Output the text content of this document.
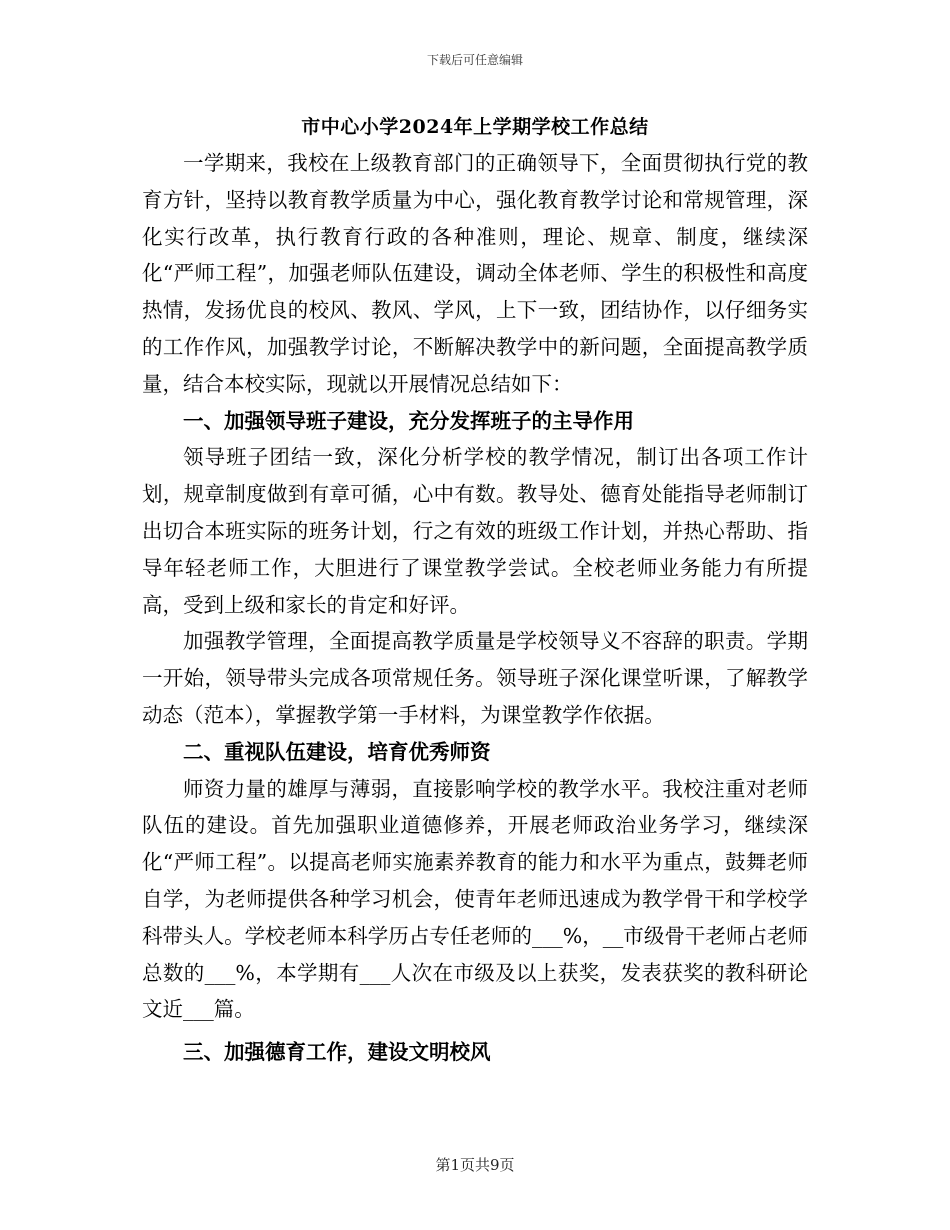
下载后可任意编辑
市中心小学2024年上学期学校工作总结

一学期来，我校在上级教育部门的正确领导下，全面贯彻执行党的教育方针，坚持以教育教学质量为中心，强化教育教学讨论和常规管理，深化实行改革，执行教育行政的各种准则，理论、规章、制度，继续深化“严师工程”，加强老师队伍建设，调动全体老师、学生的积极性和高度热情，发扬优良的校风、教风、学风，上下一致，团结协作，以仔细务实的工作作风，加强教学讨论，不断解决教学中的新问题，全面提高教学质量，结合本校实际，现就以开展情况总结如下：

一、加强领导班子建设，充分发挥班子的主导作用

领导班子团结一致，深化分析学校的教学情况，制订出各项工作计划，规章制度做到有章可循，心中有数。教导处、德育处能指导老师制订出切合本班实际的班务计划，行之有效的班级工作计划，并热心帮助、指导年轻老师工作，大胆进行了课堂教学尝试。全校老师业务能力有所提高，受到上级和家长的肯定和好评。

加强教学管理，全面提高教学质量是学校领导义不容辞的职责。学期一开始，领导带头完成各项常规任务。领导班子深化课堂听课，了解教学动态（范本），掌握教学第一手材料，为课堂教学作依据。

二、重视队伍建设，培育优秀师资

师资力量的雄厚与薄弱，直接影响学校的教学水平。我校注重对老师队伍的建设。首先加强职业道德修养，开展老师政治业务学习，继续深化“严师工程”。以提高老师实施素养教育的能力和水平为重点，鼓舞老师自学，为老师提供各种学习机会，使青年老师迅速成为教学骨干和学校学科带头人。学校老师本科学历占专任老师的___%，__市级骨干老师占老师总数的___%，本学期有___人次在市级及以上获奖，发表获奖的教科研论文近___篇。

三、加强德育工作，建设文明校风

第1页共9页
